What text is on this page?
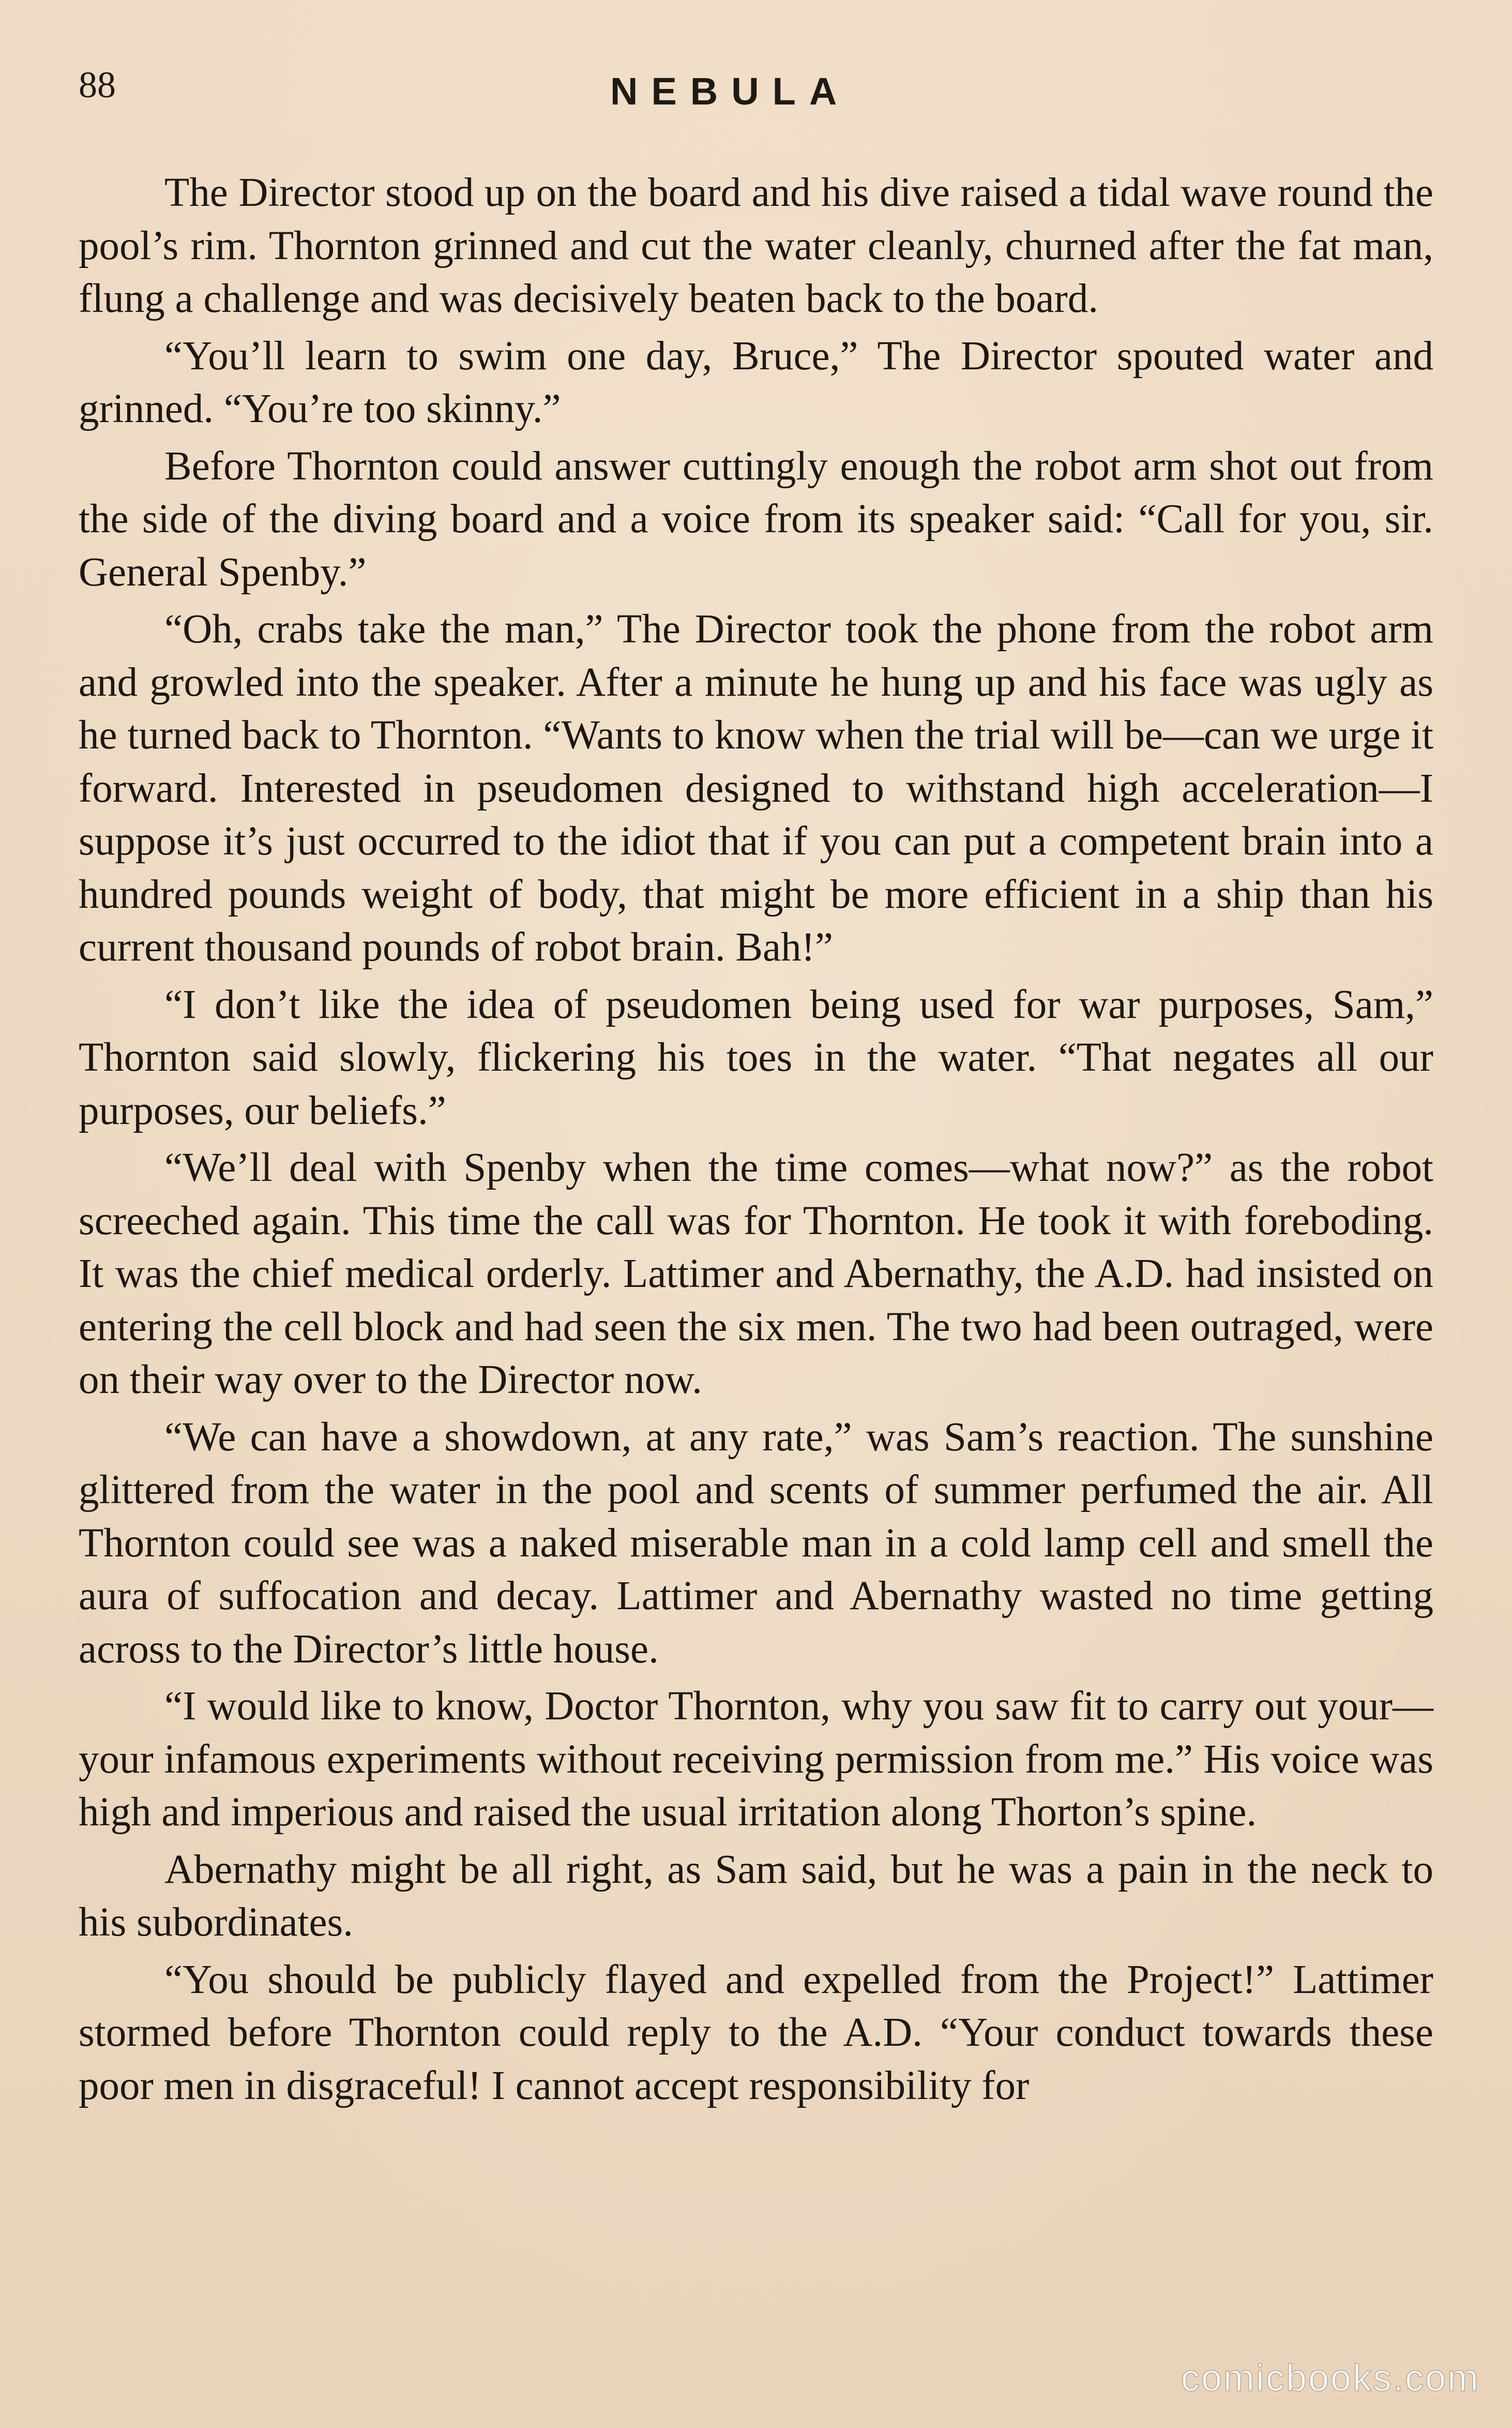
88	NEBULA

The Director stood up on the board and his dive raised a tidal wave round the pool’s rim. Thornton grinned and cut the water cleanly, churned after the fat man, flung a challenge and was decisively beaten back to the board.

“You’ll learn to swim one day, Bruce,” The Director spouted water and grinned. “You’re too skinny.”

Before Thornton could answer cuttingly enough the robot arm shot out from the side of the diving board and a voice from its speaker said: “Call for you, sir. General Spenby.”

“Oh, crabs take the man,” The Director took the phone from the robot arm and growled into the speaker. After a minute he hung up and his face was ugly as he turned back to Thornton. “Wants to know when the trial will be—can we urge it forward. Interested in pseudomen designed to withstand high acceleration—I suppose it’s just occurred to the idiot that if you can put a competent brain into a hundred pounds weight of body, that might be more efficient in a ship than his current thousand pounds of robot brain. Bah!”

“I don’t like the idea of pseudomen being used for war purposes, Sam,” Thornton said slowly, flickering his toes in the water. “That negates all our purposes, our beliefs.”

“We’ll deal with Spenby when the time comes—what now?” as the robot screeched again. This time the call was for Thornton. He took it with foreboding. It was the chief medical orderly. Lattimer and Abernathy, the A.D. had insisted on entering the cell block and had seen the six men. The two had been outraged, were on their way over to the Director now.

“We can have a showdown, at any rate,” was Sam’s reaction. The sunshine glittered from the water in the pool and scents of summer perfumed the air. All Thornton could see was a naked miserable man in a cold lamp cell and smell the aura of suffocation and decay. Lattimer and Abernathy wasted no time getting across to the Director’s little house.

“I would like to know, Doctor Thornton, why you saw fit to carry out your—your infamous experiments without receiving permission from me.” His voice was high and imperious and raised the usual irritation along Thorton’s spine.

Abernathy might be all right, as Sam said, but he was a pain in the neck to his subordinates.

“You should be publicly flayed and expelled from the Project!” Lattimer stormed before Thornton could reply to the A.D. “Your conduct towards these poor men in disgraceful! I cannot accept responsibility for

comicbooks.com
